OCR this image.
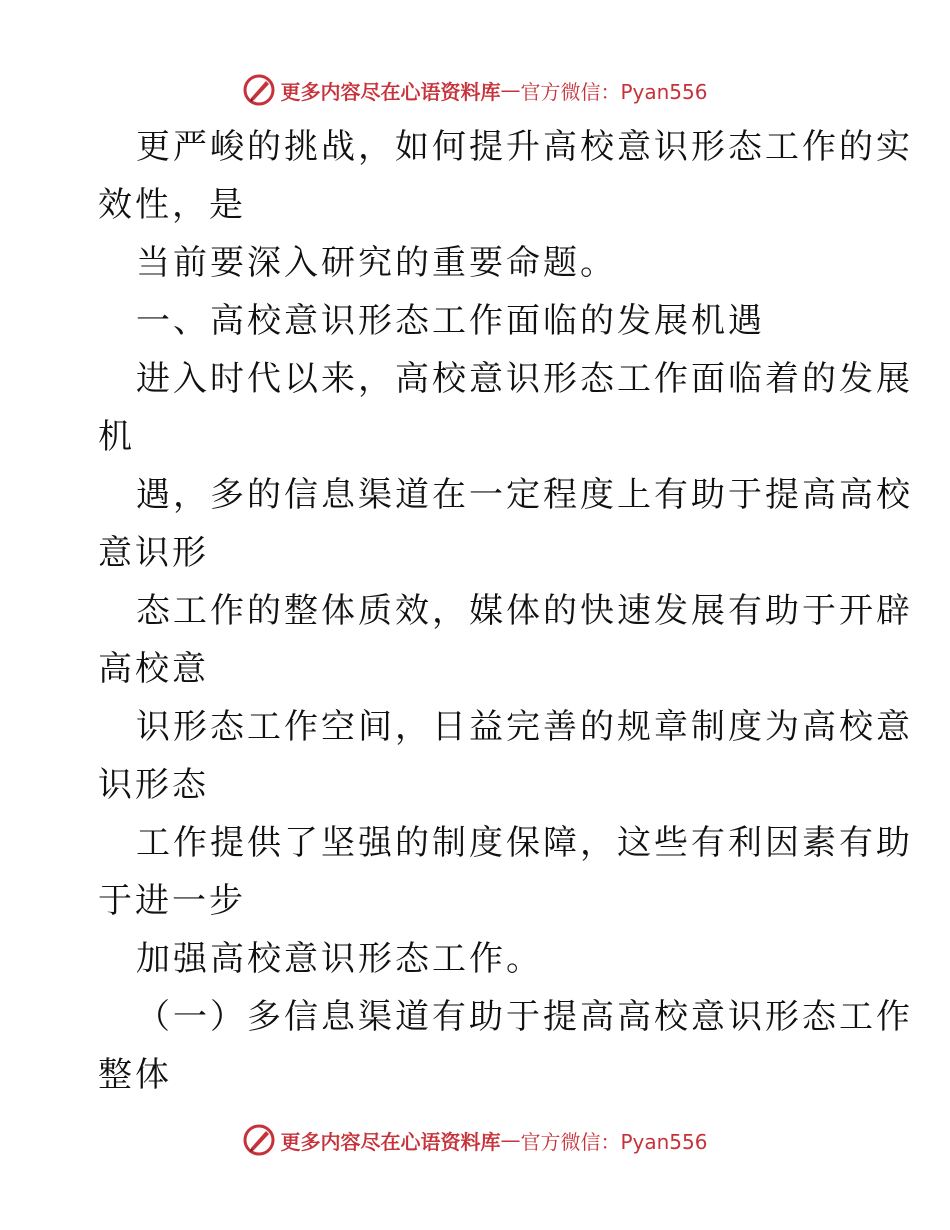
更多内容尽在心语资料库 — 官方微信：Pyan556
更严峻的挑战，如何提升高校意识形态工作的实
效性，是
当前要深入研究的重要命题。
一、高校意识形态工作面临的发展机遇
进入时代以来，高校意识形态工作面临着的发展
机
遇，多的信息渠道在一定程度上有助于提高高校
意识形
态工作的整体质效，媒体的快速发展有助于开辟
高校意
识形态工作空间，日益完善的规章制度为高校意
识形态
工作提供了坚强的制度保障，这些有利因素有助
于进一步
加强高校意识形态工作。
（一）多信息渠道有助于提高高校意识形态工作
整体
更多内容尽在心语资料库 — 官方微信：Pyan556
